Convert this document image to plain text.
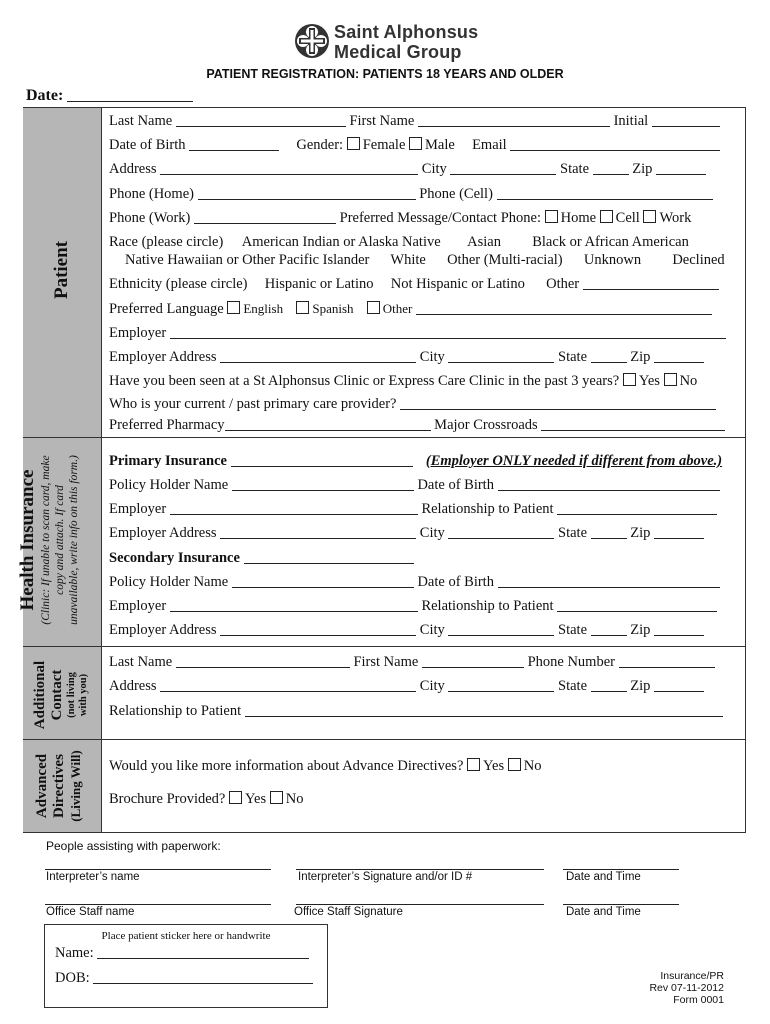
Saint Alphonsus
Medical Group
PATIENT REGISTRATION: PATIENTS 18 YEARS AND OLDER
Date:
Patient
Health Insurance (Clinic: If unable to scan card, make copy and attach. If card unavailable, write info on this form.)
Additional Contact (not living with you)
Advanced Directives (Living Will)
Last Name	First Name	Initial
Date of Birth	Gender: Female Male Email
Address	City	State	Zip
Phone (Home)	Phone (Cell)
Phone (Work)	Preferred Message/Contact Phone: Home Cell Work
Race (please circle) American Indian or Alaska Native Asian Black or African American
Native Hawaiian or Other Pacific Islander White Other (Multi-racial) Unknown Declined
Ethnicity (please circle) Hispanic or Latino Not Hispanic or Latino Other
Preferred Language English Spanish Other
Employer
Employer Address	City	State	Zip
Have you been seen at a St Alphonsus Clinic or Express Care Clinic in the past 3 years? Yes No
Who is your current / past primary care provider?
Preferred Pharmacy	Major Crossroads
Primary Insurance	(Employer ONLY needed if different from above.)
Policy Holder Name	Date of Birth
Employer	Relationship to Patient
Employer Address	City	State	Zip
Secondary Insurance
Policy Holder Name	Date of Birth
Employer	Relationship to Patient
Employer Address	City	State	Zip
Last Name	First Name	Phone Number
Address	City	State	Zip
Relationship to Patient
Would you like more information about Advance Directives? Yes No
Brochure Provided? Yes No
People assisting with paperwork:
Interpreter’s name	Interpreter’s Signature and/or ID #	Date and Time
Office Staff name	Office Staff Signature	Date and Time
Place patient sticker here or handwrite
Name:
DOB:	Insurance/PR
Rev 07-11-2012
Form 0001
